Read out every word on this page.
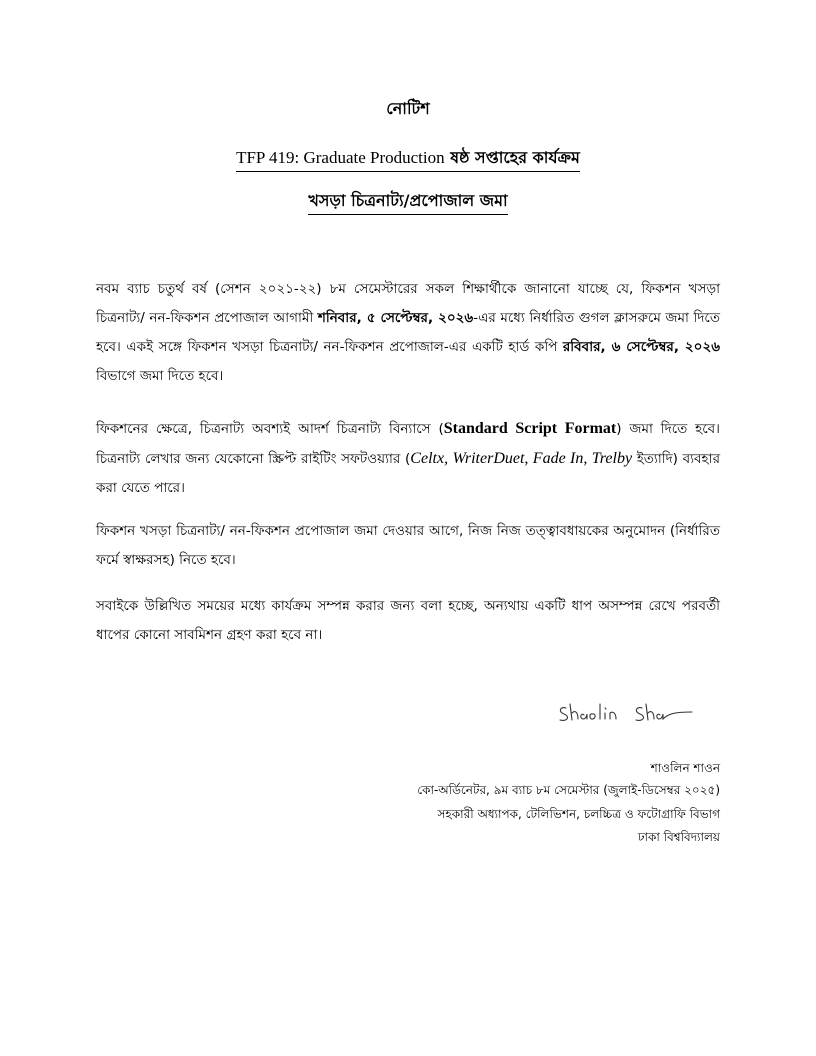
নোটিশ
TFP 419: Graduate Production ষষ্ঠ সপ্তাহের কার্যক্রম
খসড়া চিত্রনাট্য/প্রপোজাল জমা
নবম ব্যাচ চতুর্থ বর্ষ (সেশন ২০২১-২২) ৮ম সেমেস্টারের সকল শিক্ষার্থীকে জানানো যাচ্ছে যে, ফিকশন খসড়া চিত্রনাট্য/ নন-ফিকশন প্রপোজাল আগামী শনিবার, ৫ সেপ্টেম্বর, ২০২৬-এর মধ্যে নির্ধারিত গুগল ক্লাসরুমে জমা দিতে হবে। একই সঙ্গে ফিকশন খসড়া চিত্রনাট্য/ নন-ফিকশন প্রপোজাল-এর একটি হার্ড কপি রবিবার, ৬ সেপ্টেম্বর, ২০২৬ বিভাগে জমা দিতে হবে।
ফিকশনের ক্ষেত্রে, চিত্রনাট্য অবশ্যই আদর্শ চিত্রনাট্য বিন্যাসে (Standard Script Format) জমা দিতে হবে। চিত্রনাট্য লেখার জন্য যেকোনো স্ক্রিপ্ট রাইটিং সফটওয়্যার (Celtx, WriterDuet, Fade In, Trelby ইত্যাদি) ব্যবহার করা যেতে পারে।
ফিকশন খসড়া চিত্রনাট্য/ নন-ফিকশন প্রপোজাল জমা দেওয়ার আগে, নিজ নিজ তত্ত্বাবধায়কের অনুমোদন (নির্ধারিত ফর্মে স্বাক্ষরসহ) নিতে হবে।
সবাইকে উল্লিখিত সময়ের মধ্যে কার্যক্রম সম্পন্ন করার জন্য বলা হচ্ছে, অন্যথায় একটি ধাপ অসম্পন্ন রেখে পরবর্তী ধাপের কোনো সাবমিশন গ্রহণ করা হবে না।
শাওলিন শাওন
কো-অর্ডিনেটর, ৯ম ব্যাচ ৮ম সেমেস্টার (জুলাই-ডিসেম্বর ২০২৫)
সহকারী অধ্যাপক, টেলিভিশন, চলচ্চিত্র ও ফটোগ্রাফি বিভাগ
ঢাকা বিশ্ববিদ্যালয়
